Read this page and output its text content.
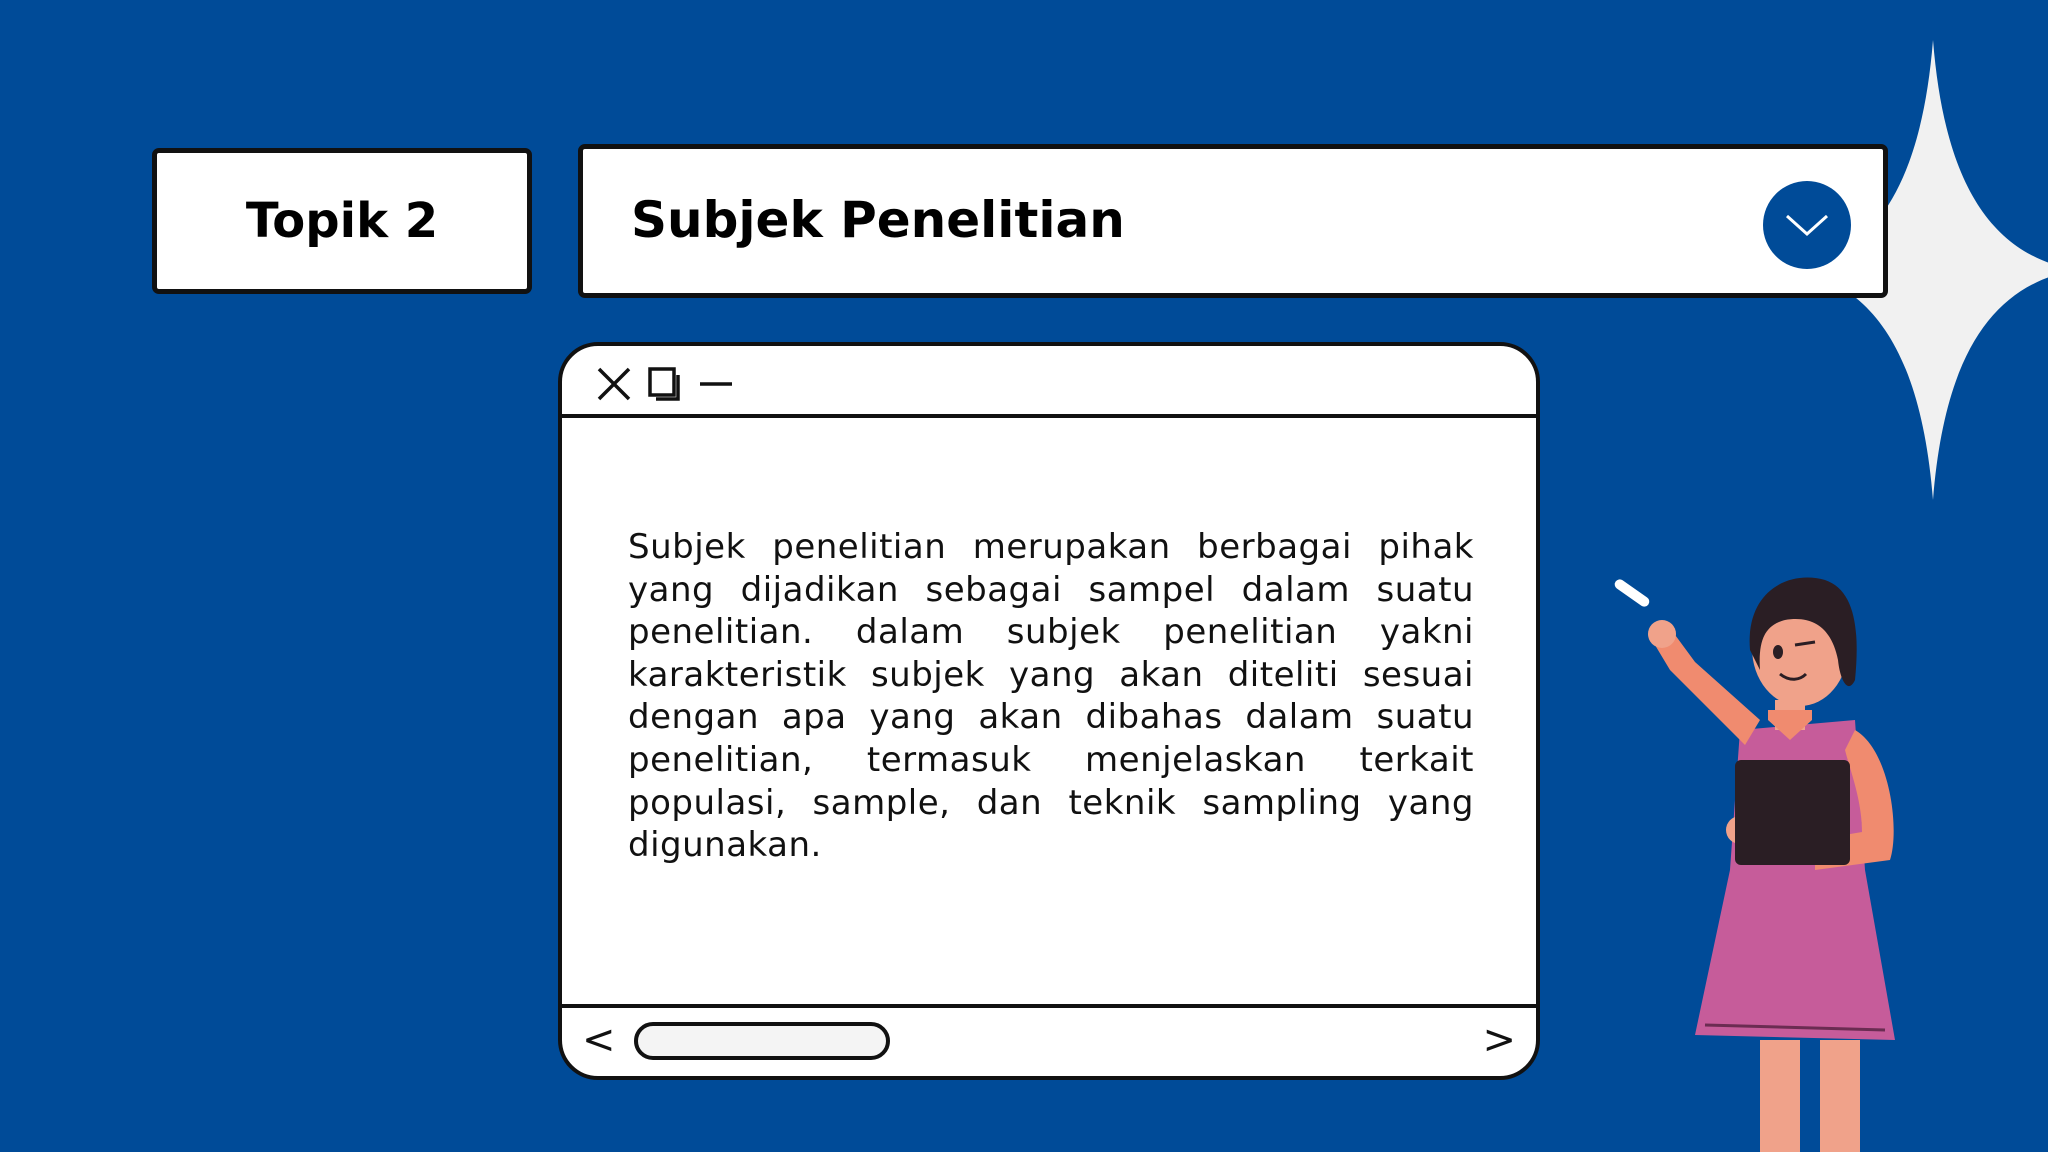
Topik 2	Subjek Penelitian
Subjek penelitian merupakan berbagai pihak yang dijadikan sebagai sampel dalam suatu penelitian. dalam subjek penelitian yakni karakteristik subjek yang akan diteliti sesuai dengan apa yang akan dibahas dalam suatu penelitian, termasuk menjelaskan terkait populasi, sample, dan teknik sampling yang digunakan.
<	>
